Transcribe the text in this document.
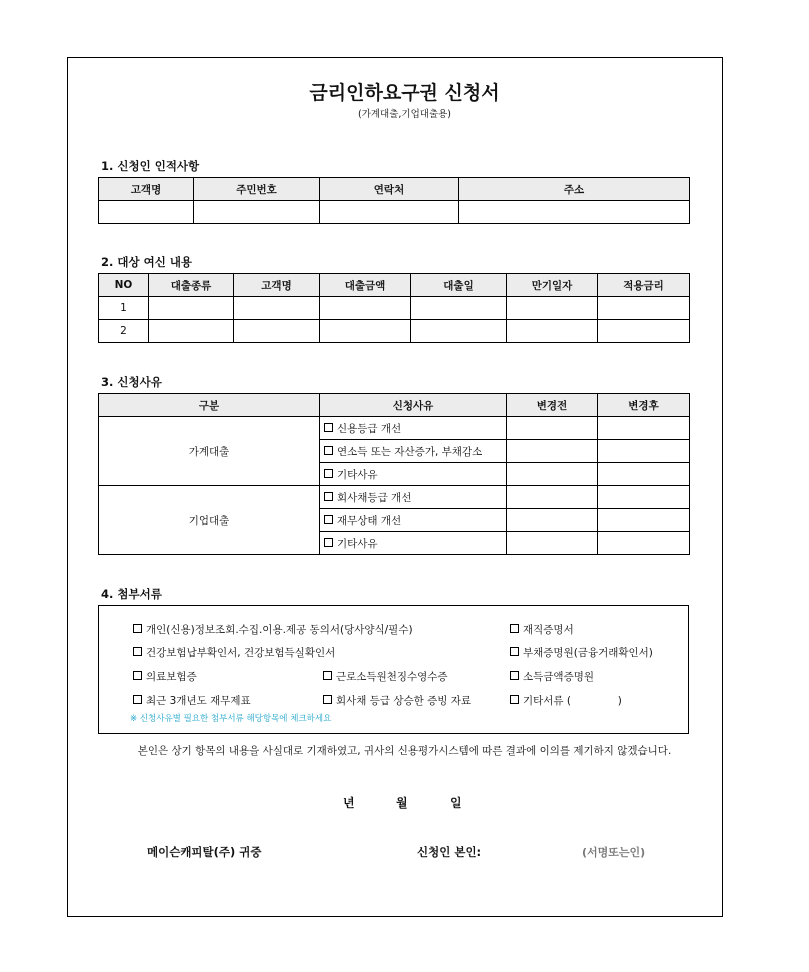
금리인하요구권 신청서
(가계대출,기업대출용)
1. 신청인 인적사항
고객명	주민번호	연락처	주소

2. 대상 여신 내용
NO	대출종류	고객명	대출금액	대출일	만기일자	적용금리
1						
2						
3. 신청사유
구분	신청사유	변경전	변경후
가계대출	신용등급 개선		
	연소득 또는 자산증가, 부채감소		
	기타사유		
기업대출	회사채등급 개선		
	재무상태 개선		
	기타사유		
4. 첨부서류
개인(신용)정보조회.수집.이용.제공 동의서(당사양식/필수)	재직증명서
건강보험납부확인서, 건강보험득실확인서	부채증명원(금융거래확인서)
의료보험증	근로소득원천징수영수증	소득금액증명원
최근 3개년도 재무제표	회사채 등급 상승한 증빙 자료	기타서류 (              )
※ 신청사유별 필요한 첨부서류 해당항목에 체크하세요
본인은 상기 항목의 내용을 사실대로 기재하였고, 귀사의 신용평가시스템에 따른 결과에 이의를 제기하지 않겠습니다.
년	월	일
메이슨캐피탈(주) 귀중	신청인 본인:	(서명또는인)
